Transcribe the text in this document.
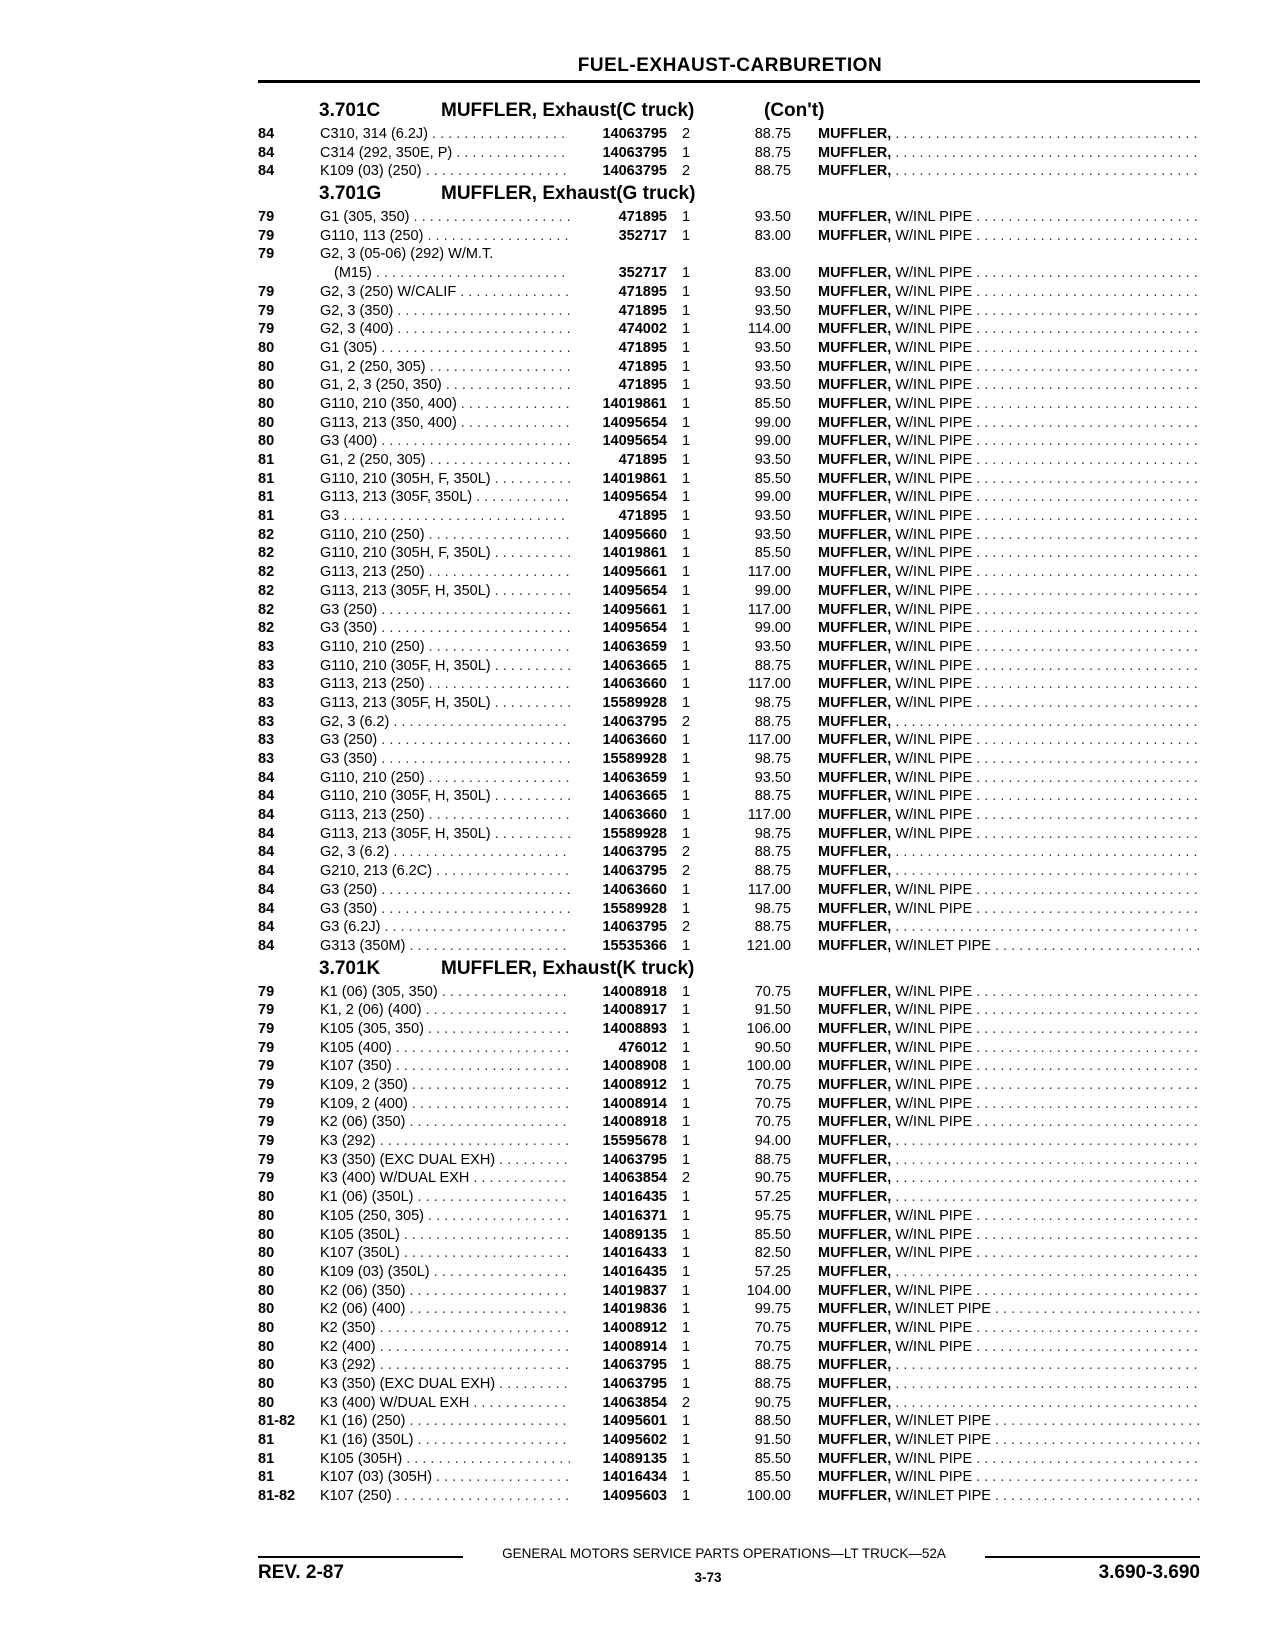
FUEL-EXHAUST-CARBURETION
3.701C	MUFFLER, Exhaust(C truck)	(Con't)
84	C310, 314 (6.2J) . . .	14063795	2	88.75 MUFFLER, . . .
84	C314 (292, 350E, P) . . .	14063795	1	88.75 MUFFLER, . . .
84	K109 (03) (250) . . .	14063795	2	88.75 MUFFLER, . . .
3.701G	MUFFLER, Exhaust(G truck)
79	G1 (305, 350) . . .	471895	1	93.50 MUFFLER, W/INL PIPE . . .
79	G110, 113 (250) . . .	352717	1	83.00 MUFFLER, W/INL PIPE . . .
79	G2, 3 (05-06) (292) W/M.T.
(M15) . . .	352717	1	83.00 MUFFLER, W/INL PIPE . . .
79	G2, 3 (250) W/CALIF . . .	471895	1	93.50 MUFFLER, W/INL PIPE . . .
79	G2, 3 (350) . . .	471895	1	93.50 MUFFLER, W/INL PIPE . . .
79	G2, 3 (400) . . .	474002	1	114.00 MUFFLER, W/INL PIPE . . .
80	G1 (305) . . .	471895	1	93.50 MUFFLER, W/INL PIPE . . .
80	G1, 2 (250, 305) . . .	471895	1	93.50 MUFFLER, W/INL PIPE . . .
80	G1, 2, 3 (250, 350) . . .	471895	1	93.50 MUFFLER, W/INL PIPE . . .
80	G110, 210 (350, 400) . . .	14019861	1	85.50 MUFFLER, W/INL PIPE . . .
80	G113, 213 (350, 400) . . .	14095654	1	99.00 MUFFLER, W/INL PIPE . . .
80	G3 (400) . . .	14095654	1	99.00 MUFFLER, W/INL PIPE . . .
81	G1, 2 (250, 305) . . .	471895	1	93.50 MUFFLER, W/INL PIPE . . .
81	G110, 210 (305H, F, 350L) . . .	14019861	1	85.50 MUFFLER, W/INL PIPE . . .
81	G113, 213 (305F, 350L) . . .	14095654	1	99.00 MUFFLER, W/INL PIPE . . .
81	G3 . . .	471895	1	93.50 MUFFLER, W/INL PIPE . . .
82	G110, 210 (250) . . .	14095660	1	93.50 MUFFLER, W/INL PIPE . . .
82	G110, 210 (305H, F, 350L) . . .	14019861	1	85.50 MUFFLER, W/INL PIPE . . .
82	G113, 213 (250) . . .	14095661	1	117.00 MUFFLER, W/INL PIPE . . .
82	G113, 213 (305F, H, 350L) . . .	14095654	1	99.00 MUFFLER, W/INL PIPE . . .
82	G3 (250) . . .	14095661	1	117.00 MUFFLER, W/INL PIPE . . .
82	G3 (350) . . .	14095654	1	99.00 MUFFLER, W/INL PIPE . . .
83	G110, 210 (250) . . .	14063659	1	93.50 MUFFLER, W/INL PIPE . . .
83	G110, 210 (305F, H, 350L) . . .	14063665	1	88.75 MUFFLER, W/INL PIPE . . .
83	G113, 213 (250) . . .	14063660	1	117.00 MUFFLER, W/INL PIPE . . .
83	G113, 213 (305F, H, 350L) . . .	15589928	1	98.75 MUFFLER, W/INL PIPE . . .
83	G2, 3 (6.2) . . .	14063795	2	88.75 MUFFLER, . . .
83	G3 (250) . . .	14063660	1	117.00 MUFFLER, W/INL PIPE . . .
83	G3 (350) . . .	15589928	1	98.75 MUFFLER, W/INL PIPE . . .
84	G110, 210 (250) . . .	14063659	1	93.50 MUFFLER, W/INL PIPE . . .
84	G110, 210 (305F, H, 350L) . . .	14063665	1	88.75 MUFFLER, W/INL PIPE . . .
84	G113, 213 (250) . . .	14063660	1	117.00 MUFFLER, W/INL PIPE . . .
84	G113, 213 (305F, H, 350L) . . .	15589928	1	98.75 MUFFLER, W/INL PIPE . . .
84	G2, 3 (6.2) . . .	14063795	2	88.75 MUFFLER, . . .
84	G210, 213 (6.2C) . . .	14063795	2	88.75 MUFFLER, . . .
84	G3 (250) . . .	14063660	1	117.00 MUFFLER, W/INL PIPE . . .
84	G3 (350) . . .	15589928	1	98.75 MUFFLER, W/INL PIPE . . .
84	G3 (6.2J) . . .	14063795	2	88.75 MUFFLER, . . .
84	G313 (350M) . . .	15535366	1	121.00 MUFFLER, W/INLET PIPE . . .
3.701K	MUFFLER, Exhaust(K truck)
79	K1 (06) (305, 350) . . .	14008918	1	70.75 MUFFLER, W/INL PIPE . . .
79	K1, 2 (06) (400) . . .	14008917	1	91.50 MUFFLER, W/INL PIPE . . .
79	K105 (305, 350) . . .	14008893	1	106.00 MUFFLER, W/INL PIPE . . .
79	K105 (400) . . .	476012	1	90.50 MUFFLER, W/INL PIPE . . .
79	K107 (350) . . .	14008908	1	100.00 MUFFLER, W/INL PIPE . . .
79	K109, 2 (350) . . .	14008912	1	70.75 MUFFLER, W/INL PIPE . . .
79	K109, 2 (400) . . .	14008914	1	70.75 MUFFLER, W/INL PIPE . . .
79	K2 (06) (350) . . .	14008918	1	70.75 MUFFLER, W/INL PIPE . . .
79	K3 (292) . . .	15595678	1	94.00 MUFFLER, . . .
79	K3 (350) (EXC DUAL EXH) . . .	14063795	1	88.75 MUFFLER, . . .
79	K3 (400) W/DUAL EXH . . .	14063854	2	90.75 MUFFLER, . . .
80	K1 (06) (350L) . . .	14016435	1	57.25 MUFFLER, . . .
80	K105 (250, 305) . . .	14016371	1	95.75 MUFFLER, W/INL PIPE . . .
80	K105 (350L) . . .	14089135	1	85.50 MUFFLER, W/INL PIPE . . .
80	K107 (350L) . . .	14016433	1	82.50 MUFFLER, W/INL PIPE . . .
80	K109 (03) (350L) . . .	14016435	1	57.25 MUFFLER, . . .
80	K2 (06) (350) . . .	14019837	1	104.00 MUFFLER, W/INL PIPE . . .
80	K2 (06) (400) . . .	14019836	1	99.75 MUFFLER, W/INLET PIPE . . .
80	K2 (350) . . .	14008912	1	70.75 MUFFLER, W/INL PIPE . . .
80	K2 (400) . . .	14008914	1	70.75 MUFFLER, W/INL PIPE . . .
80	K3 (292) . . .	14063795	1	88.75 MUFFLER, . . .
80	K3 (350) (EXC DUAL EXH) . . .	14063795	1	88.75 MUFFLER, . . .
80	K3 (400) W/DUAL EXH . . .	14063854	2	90.75 MUFFLER, . . .
81-82 K1 (16) (250) . . .	14095601	1	88.50 MUFFLER, W/INLET PIPE . . .
81	K1 (16) (350L) . . .	14095602	1	91.50 MUFFLER, W/INLET PIPE . . .
81	K105 (305H) . . .	14089135	1	85.50 MUFFLER, W/INL PIPE . . .
81	K107 (03) (305H) . . .	14016434	1	85.50 MUFFLER, W/INL PIPE . . .
81-82 K107 (250) . . .	14095603	1	100.00 MUFFLER, W/INLET PIPE . . .
GENERAL MOTORS SERVICE PARTS OPERATIONS—LT TRUCK—52A
REV. 2-87	3-73	3.690-3.690
